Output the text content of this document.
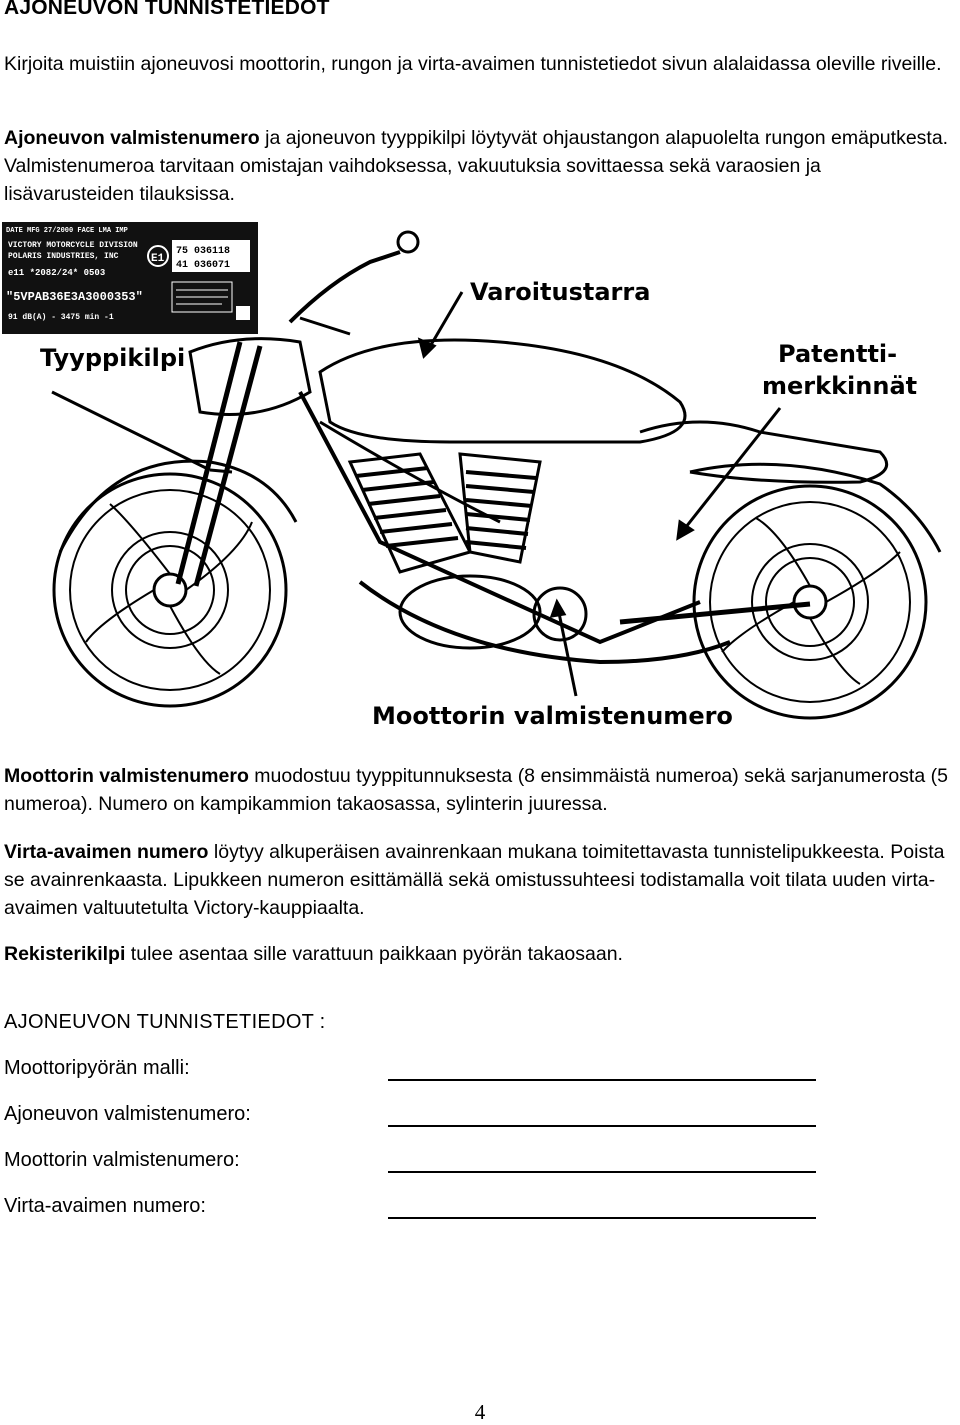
AJONEUVON TUNNISTETIEDOT
Kirjoita muistiin ajoneuvosi moottorin, rungon ja virta-avaimen tunnistetiedot sivun alalaidassa oleville riveille.
Ajoneuvon valmistenumero ja ajoneuvon tyyppikilpi löytyvät ohjaustangon alapuolelta rungon emäputkesta. Valmistenumeroa tarvitaan omistajan vaihdoksessa, vakuutuksia sovittaessa sekä varaosien ja lisävarusteiden tilauksissa.
E1
75 036118
41 036071
DATE MFG 27/2000 FACE LMA IMP
VICTORY MOTORCYCLE DIVISION
POLARIS INDUSTRIES, INC
e11 *2082/24* 0503
"5VPAB36E3A3000353"
91 dB(A) - 3475 min -1
Tyyppikilpi
Varoitustarra
Patentti-
merkkinnät
Moottorin valmistenumero
Moottorin valmistenumero muodostuu tyyppitunnuksesta (8 ensimmäistä numeroa) sekä sarjanumerosta (5 numeroa). Numero on kampikammion takaosassa, sylinterin juuressa.
Virta-avaimen numero löytyy alkuperäisen avainrenkaan mukana toimitettavasta tunnistelipukkeesta. Poista se avainrenkaasta. Lipukkeen numeron esittämällä sekä omistussuhteesi todistamalla voit tilata uuden virta-avaimen valtuutetulta Victory-kauppiaalta.
Rekisterikilpi tulee asentaa sille varattuun paikkaan pyörän takaosaan.
AJONEUVON TUNNISTETIEDOT :
Moottoripyörän malli:
Ajoneuvon valmistenumero:
Moottorin valmistenumero:
Virta-avaimen numero:
4
